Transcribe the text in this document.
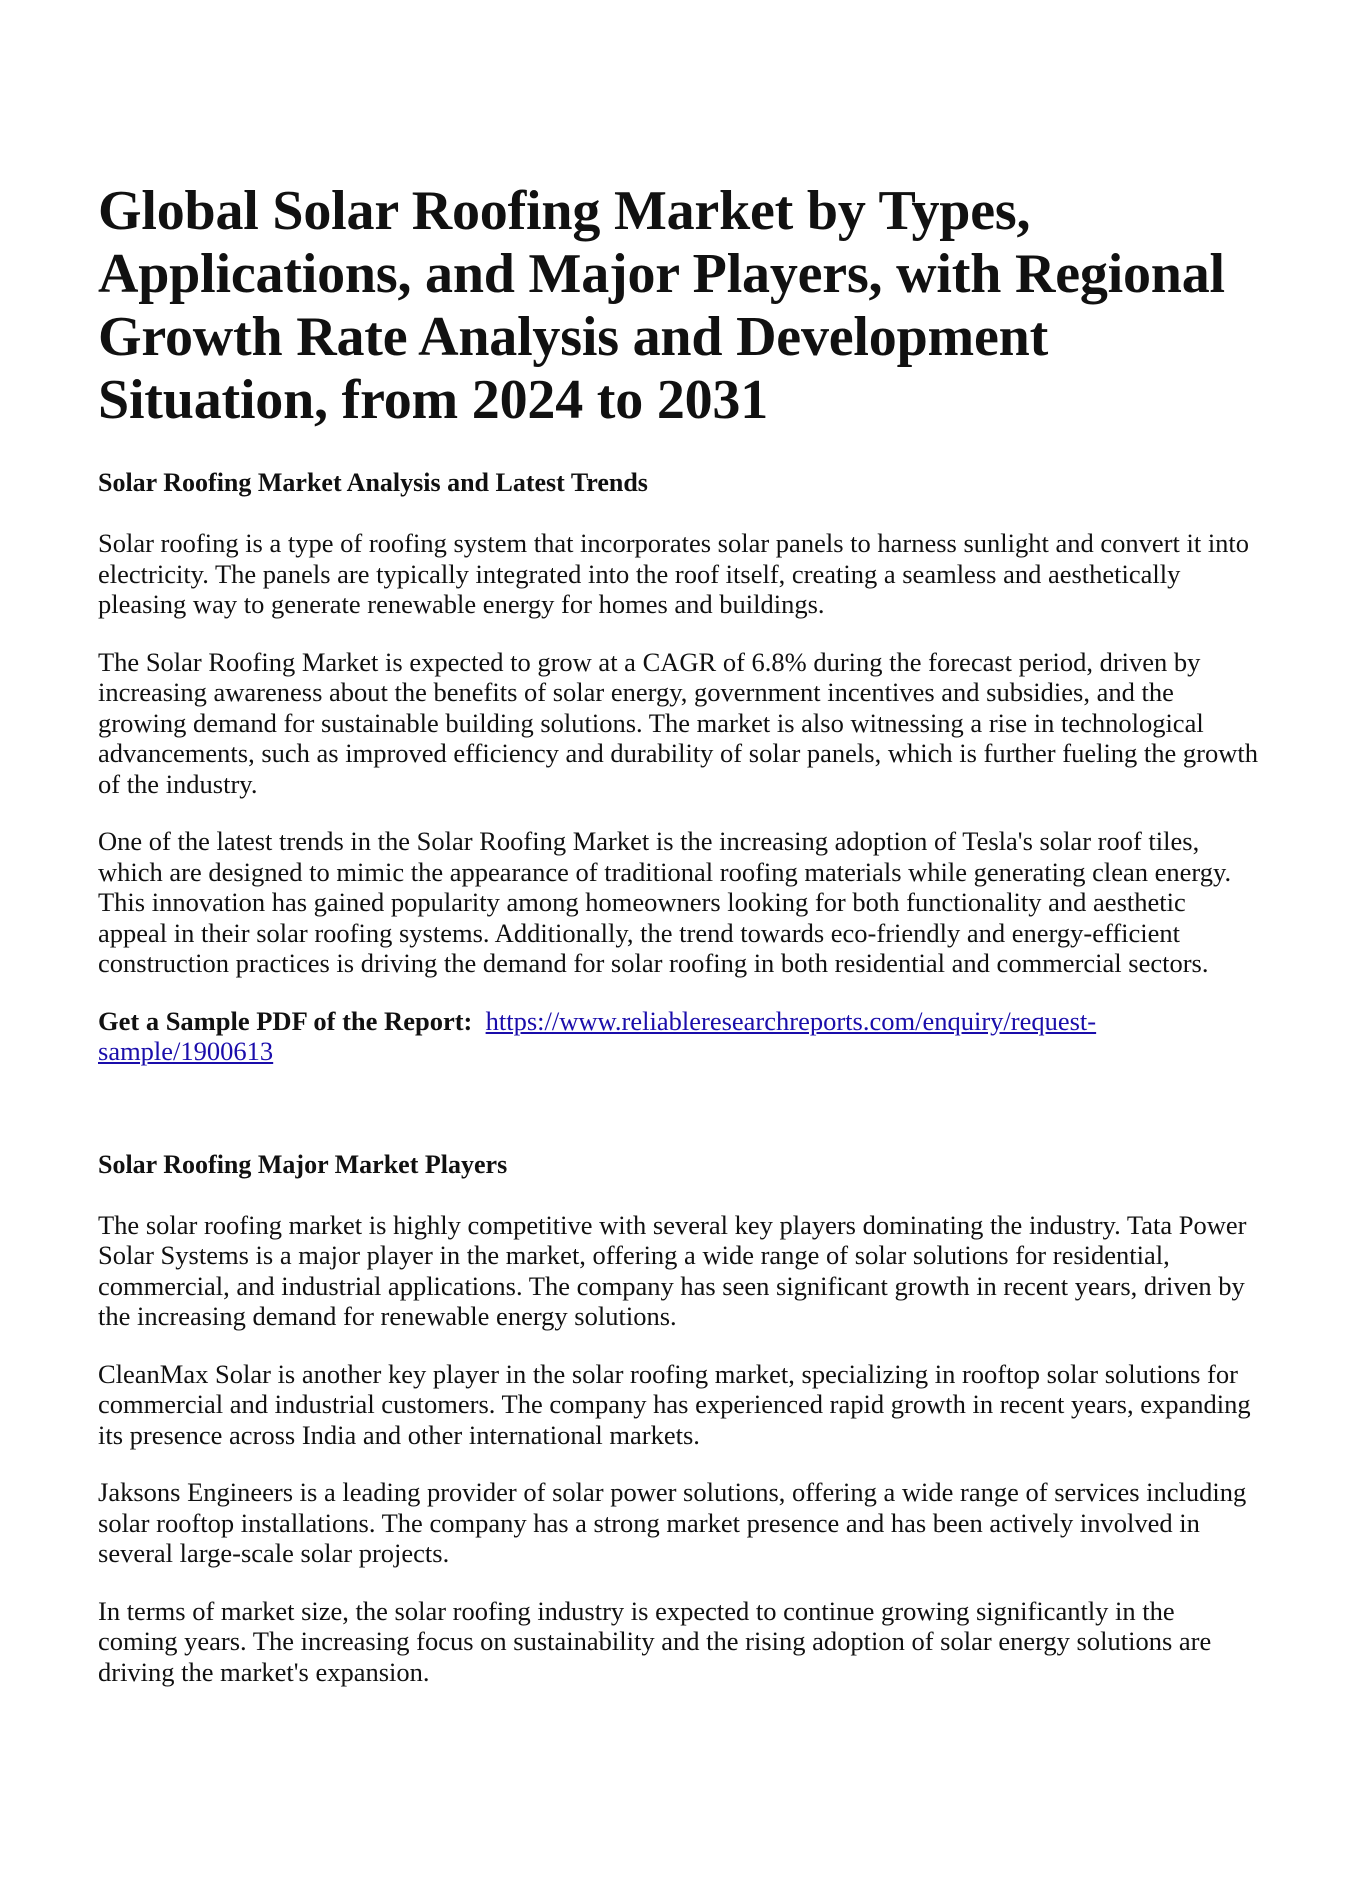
Global Solar Roofing Market by Types, Applications, and Major Players, with Regional Growth Rate Analysis and Development Situation, from 2024 to 2031
Solar Roofing Market Analysis and Latest Trends

Solar roofing is a type of roofing system that incorporates solar panels to harness sunlight and convert it into electricity. The panels are typically integrated into the roof itself, creating a seamless and aesthetically pleasing way to generate renewable energy for homes and buildings.

The Solar Roofing Market is expected to grow at a CAGR of 6.8% during the forecast period, driven by increasing awareness about the benefits of solar energy, government incentives and subsidies, and the growing demand for sustainable building solutions. The market is also witnessing a rise in technological advancements, such as improved efficiency and durability of solar panels, which is further fueling the growth of the industry.

One of the latest trends in the Solar Roofing Market is the increasing adoption of Tesla's solar roof tiles, which are designed to mimic the appearance of traditional roofing materials while generating clean energy. This innovation has gained popularity among homeowners looking for both functionality and aesthetic appeal in their solar roofing systems. Additionally, the trend towards eco-friendly and energy-efficient construction practices is driving the demand for solar roofing in both residential and commercial sectors.

Get a Sample PDF of the Report: https://www.reliableresearchreports.com/enquiry/request-sample/1900613

Solar Roofing Major Market Players

The solar roofing market is highly competitive with several key players dominating the industry. Tata Power Solar Systems is a major player in the market, offering a wide range of solar solutions for residential, commercial, and industrial applications. The company has seen significant growth in recent years, driven by the increasing demand for renewable energy solutions.

CleanMax Solar is another key player in the solar roofing market, specializing in rooftop solar solutions for commercial and industrial customers. The company has experienced rapid growth in recent years, expanding its presence across India and other international markets.

Jaksons Engineers is a leading provider of solar power solutions, offering a wide range of services including solar rooftop installations. The company has a strong market presence and has been actively involved in several large-scale solar projects.

In terms of market size, the solar roofing industry is expected to continue growing significantly in the coming years. The increasing focus on sustainability and the rising adoption of solar energy solutions are driving the market's expansion.
